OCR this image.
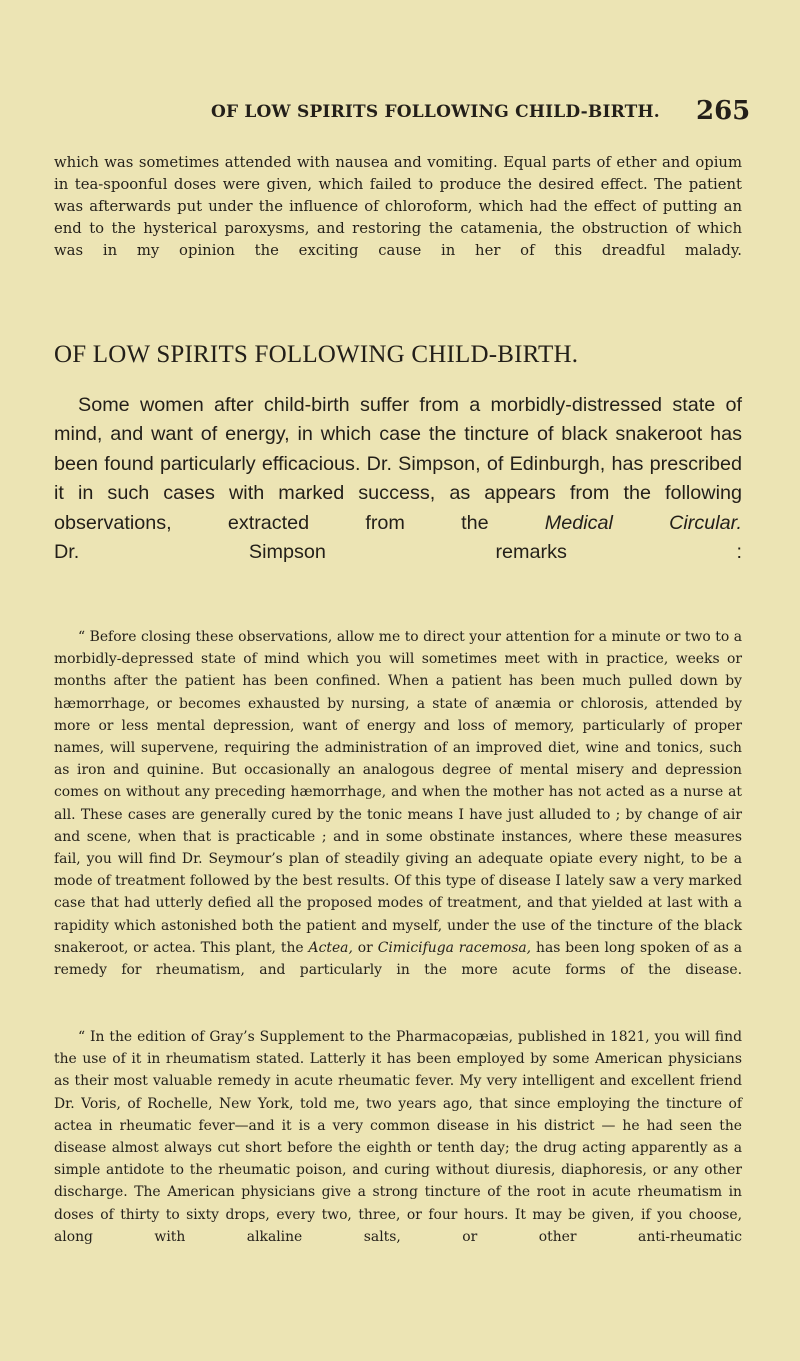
OF LOW SPIRITS FOLLOWING CHILD-BIRTH. 265

which was sometimes attended with nausea and vomiting. Equal parts of ether and opium in tea-spoonful doses were given, which failed to produce the desired effect. The patient was afterwards put under the influence of chloroform, which had the effect of putting an end to the hysterical paroxysms, and restoring the catamenia, the obstruction of which was in my opinion the exciting cause in her of this dreadful malady.

OF LOW SPIRITS FOLLOWING CHILD-BIRTH.

Some women after child-birth suffer from a morbidly-distressed state of mind, and want of energy, in which case the tincture of black snakeroot has been found particularly efficacious. Dr. Simpson, of Edinburgh, has prescribed it in such cases with marked success, as appears from the following observations, extracted from the	Medical Circular.
Dr. Simpson remarks :

“ Before closing these observations, allow me to direct your attention for a minute or two to a morbidly-depressed state of mind which you will sometimes meet with in practice, weeks or months after the patient has been confined. When a patient has been much pulled down by hæmorrhage, or becomes exhausted by nursing, a state of anæmia or chlorosis, attended by more or less mental depression, want of energy and loss of memory, particularly of proper names, will supervene, requiring the administration of an improved diet, wine and tonics, such as iron and quinine. But occasionally an analogous degree of mental misery and depression comes on without any preceding hæmorrhage, and when the mother has not acted as a nurse at all. These cases are generally cured by the tonic means I have just alluded to ; by change of air and scene, when that is practicable ; and in some obstinate instances, where these measures fail, you will find Dr. Seymour’s plan of steadily giving an adequate opiate every night, to be a mode of treatment followed by the best results. Of this type of disease I lately saw a very marked case that had utterly defied all the proposed modes of treatment, and that yielded at last with a rapidity which astonished both the patient and myself, under the use of the tincture of the black snakeroot, or actea. This plant, the Actea, or Cimicifuga racemosa, has been long spoken of as a remedy for rheumatism, and particularly in the more acute forms of the disease.

“ In the edition of Gray’s Supplement to the Pharmacopæias, published in 1821, you will find the use of it in rheumatism stated. Latterly it has been employed by some American physicians as their most valuable remedy in acute rheumatic fever. My very intelligent and excellent friend Dr. Voris, of Rochelle, New York, told me, two years ago, that since employing the tincture of actea in rheumatic fever—and it is a very common disease in his district — he had seen the disease almost always cut short before the eighth or tenth day; the drug acting apparently as a simple antidote to the rheumatic poison, and curing without diuresis, diaphoresis, or any other discharge. The American physicians give a strong tincture of the root in acute rheumatism in doses of thirty to sixty drops, every two, three, or four hours. It may be given, if you choose, along with alkaline salts, or other anti-rheumatic
